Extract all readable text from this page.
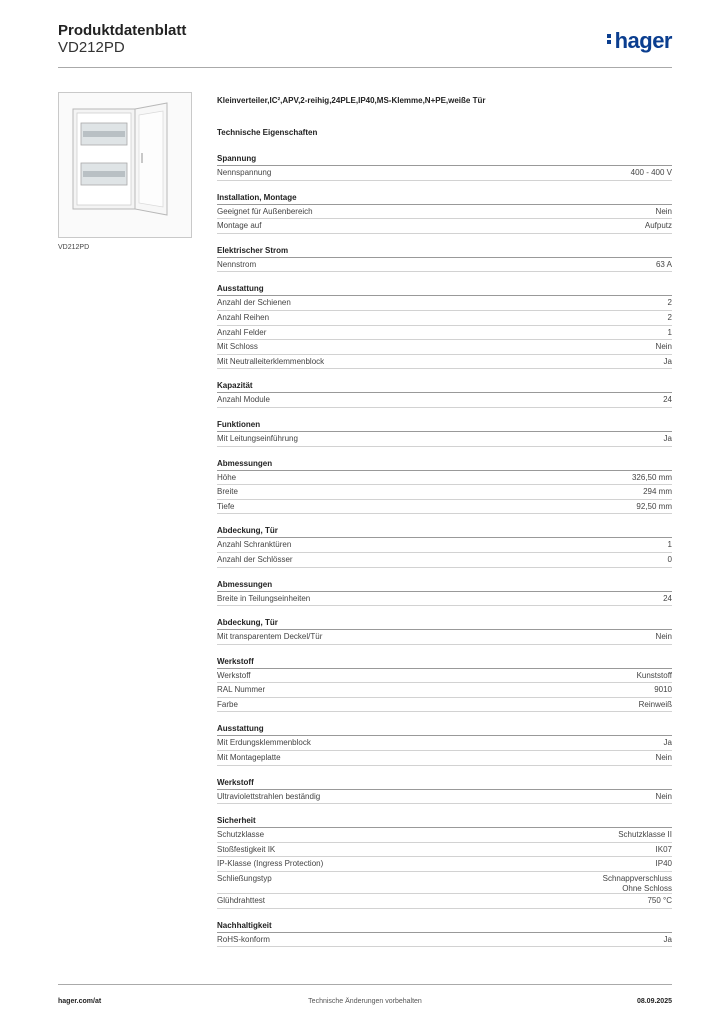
Produktdatenblatt
VD212PD	hager
VD212PD
Kleinverteiler,IC²,APV,2-reihig,24PLE,IP40,MS-Klemme,N+PE,weiße Tür
Technische Eigenschaften
Spannung
Nennspannung	400 - 400 V
Installation, Montage
Geeignet für Außenbereich	Nein
Montage auf	Aufputz
Elektrischer Strom
Nennstrom	63 A
Ausstattung
Anzahl der Schienen	2
Anzahl Reihen	2
Anzahl Felder	1
Mit Schloss	Nein
Mit Neutralleiterklemmenblock	Ja
Kapazität
Anzahl Module	24
Funktionen
Mit Leitungseinführung	Ja
Abmessungen
Höhe	326,50 mm
Breite	294 mm
Tiefe	92,50 mm
Abdeckung, Tür
Anzahl Schranktüren	1
Anzahl der Schlösser	0
Abmessungen
Breite in Teilungseinheiten	24
Abdeckung, Tür
Mit transparentem Deckel/Tür	Nein
Werkstoff
Werkstoff	Kunststoff
RAL Nummer	9010
Farbe	Reinweiß
Ausstattung
Mit Erdungsklemmenblock	Ja
Mit Montageplatte	Nein
Werkstoff
Ultraviolettstrahlen beständig	Nein
Sicherheit
Schutzklasse	Schutzklasse II
Stoßfestigkeit IK	IK07
IP-Klasse (Ingress Protection)	IP40
Schließungstyp	Schnappverschluss
Ohne Schloss
Glühdrahttest	750 °C
Nachhaltigkeit
RoHS-konform	Ja
hager.com/at	Technische Änderungen vorbehalten	08.09.2025
